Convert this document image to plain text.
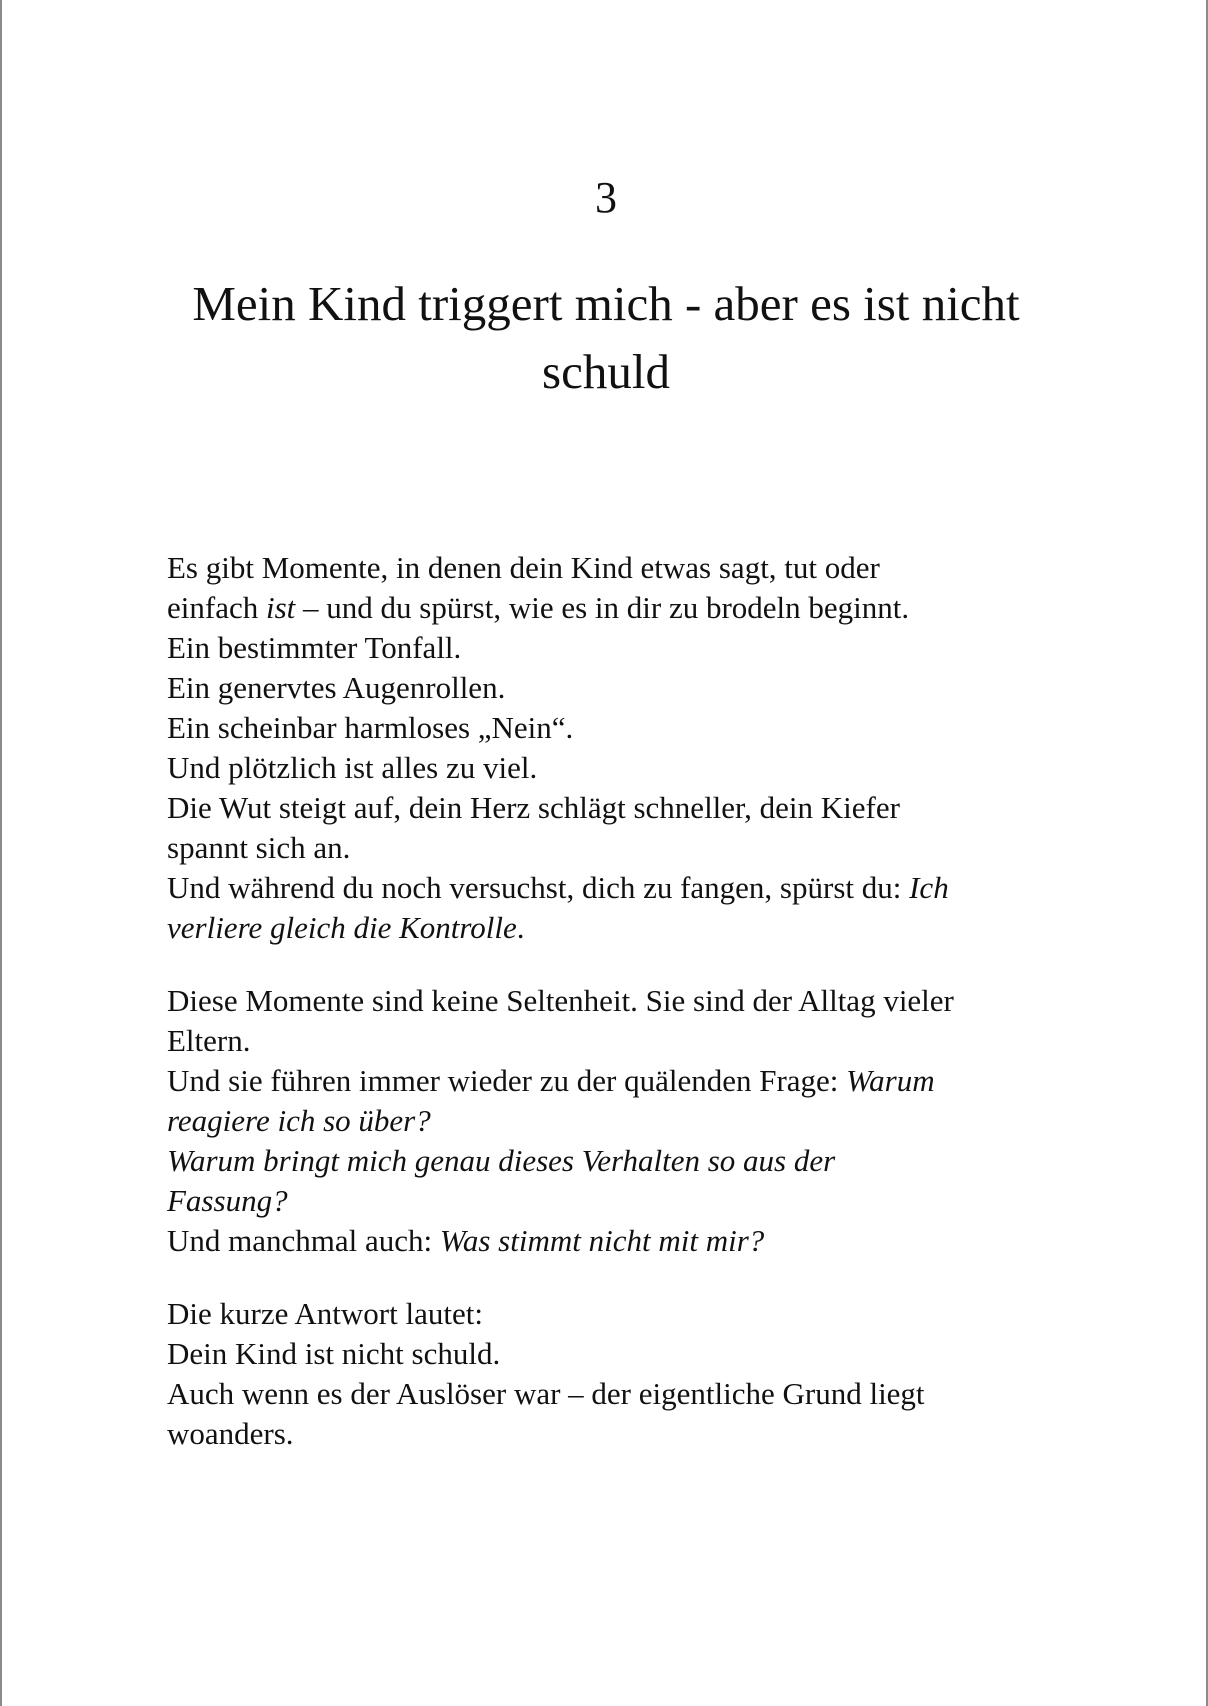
3
Mein Kind triggert mich - aber es ist nicht
schuld

Es gibt Momente, in denen dein Kind etwas sagt, tut oder
einfach ist – und du spürst, wie es in dir zu brodeln beginnt.
Ein bestimmter Tonfall.
Ein genervtes Augenrollen.
Ein scheinbar harmloses „Nein“.
Und plötzlich ist alles zu viel.
Die Wut steigt auf, dein Herz schlägt schneller, dein Kiefer
spannt sich an.
Und während du noch versuchst, dich zu fangen, spürst du: Ich
verliere gleich die Kontrolle.

Diese Momente sind keine Seltenheit. Sie sind der Alltag vieler
Eltern.
Und sie führen immer wieder zu der quälenden Frage: Warum
reagiere ich so über?
Warum bringt mich genau dieses Verhalten so aus der
Fassung?
Und manchmal auch: Was stimmt nicht mit mir?

Die kurze Antwort lautet:
Dein Kind ist nicht schuld.
Auch wenn es der Auslöser war – der eigentliche Grund liegt
woanders.
